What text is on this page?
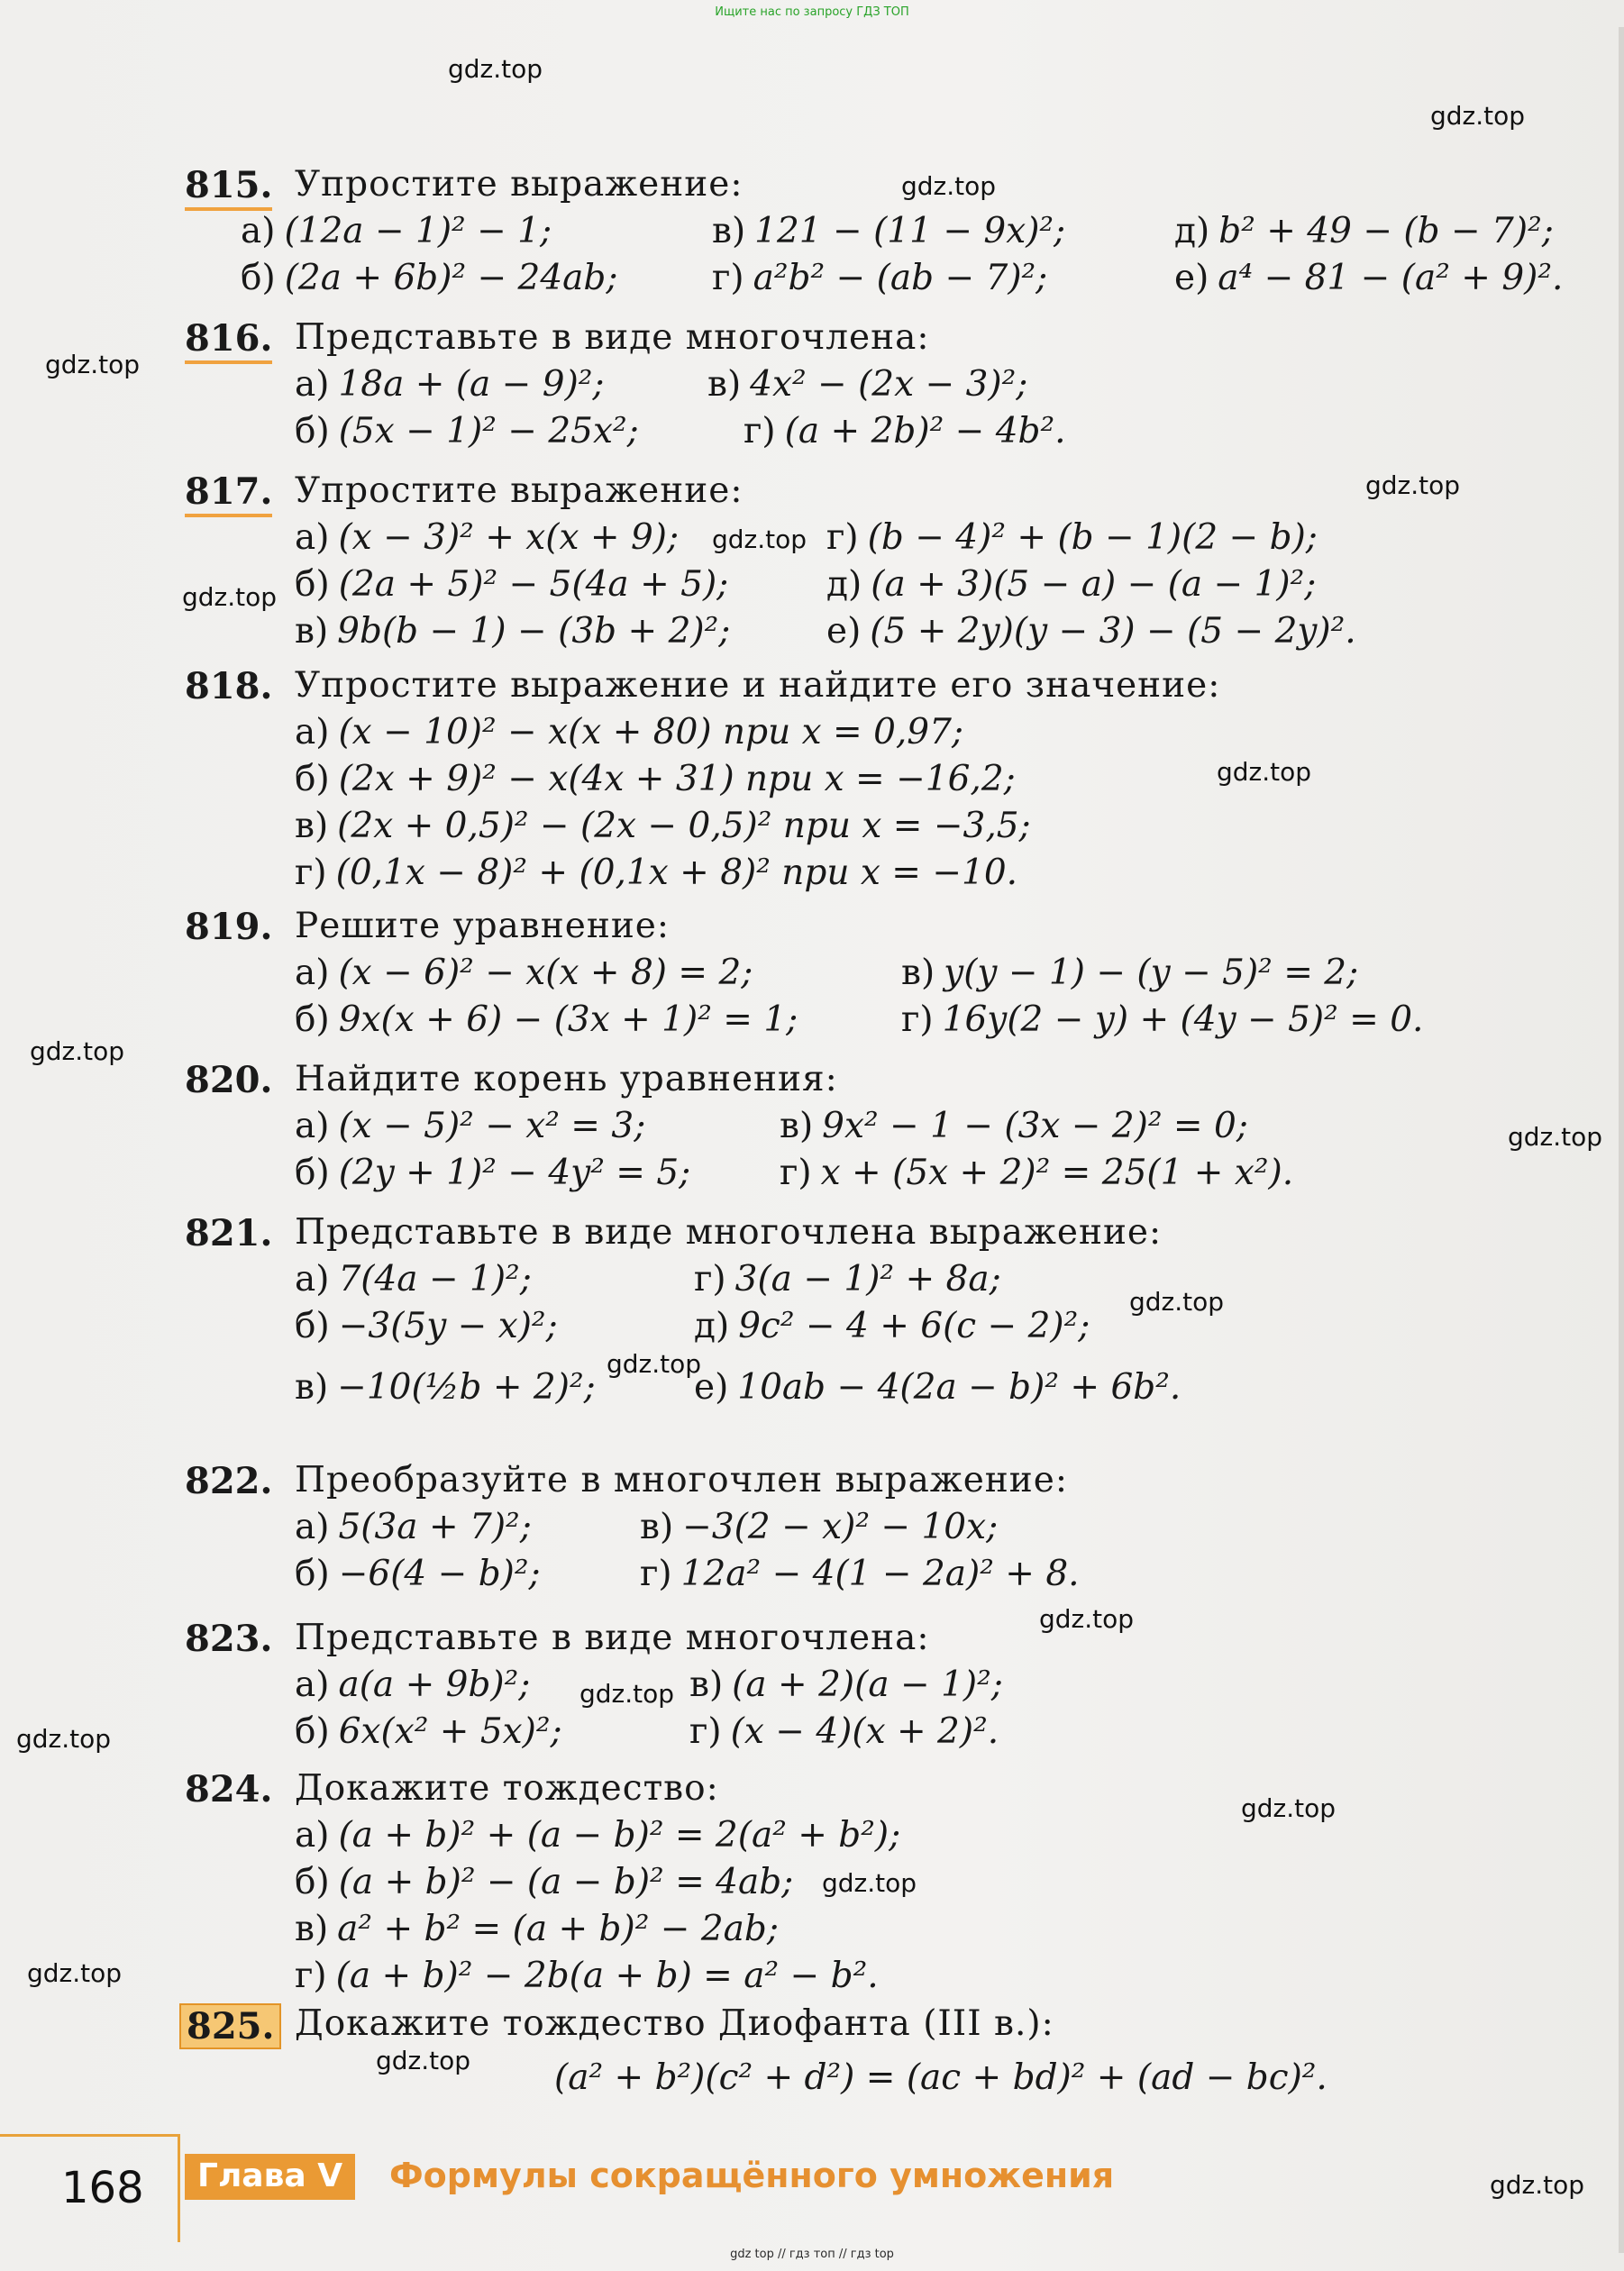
Ищите нас по запросу ГДЗ ТОП
gdz.top
gdz.top
gdz.top
gdz.top
gdz.top
gdz.top
gdz.top
gdz.top
gdz.top
gdz.top
gdz.top
gdz.top
gdz.top
gdz.top
gdz.top
gdz.top
gdz.top
gdz.top
gdz.top
gdz.top
815. Упростите выражение:
а) (12a − 1)² − 1;
б) (2a + 6b)² − 24ab;
в) 121 − (11 − 9x)²;
г) a²b² − (ab − 7)²;
д) b² + 49 − (b − 7)²;
е) a⁴ − 81 − (a² + 9)².
816. Представьте в виде многочлена:
а) 18a + (a − 9)²;
б) (5x − 1)² − 25x²;
в) 4x² − (2x − 3)²;
г) (a + 2b)² − 4b².
817. Упростите выражение:
а) (x − 3)² + x(x + 9);
б) (2a + 5)² − 5(4a + 5);
в) 9b(b − 1) − (3b + 2)²;
г) (b − 4)² + (b − 1)(2 − b);
д) (a + 3)(5 − a) − (a − 1)²;
е) (5 + 2y)(y − 3) − (5 − 2y)².
818. Упростите выражение и найдите его значение:
а) (x − 10)² − x(x + 80) при x = 0,97;
б) (2x + 9)² − x(4x + 31) при x = −16,2;
в) (2x + 0,5)² − (2x − 0,5)² при x = −3,5;
г) (0,1x − 8)² + (0,1x + 8)² при x = −10.
819. Решите уравнение:
а) (x − 6)² − x(x + 8) = 2;
б) 9x(x + 6) − (3x + 1)² = 1;
в) y(y − 1) − (y − 5)² = 2;
г) 16y(2 − y) + (4y − 5)² = 0.
820. Найдите корень уравнения:
а) (x − 5)² − x² = 3;
б) (2y + 1)² − 4y² = 5;
в) 9x² − 1 − (3x − 2)² = 0;
г) x + (5x + 2)² = 25(1 + x²).
821. Представьте в виде многочлена выражение:
а) 7(4a − 1)²;
б) −3(5y − x)²;
в) −10(½b + 2)²;
г) 3(a − 1)² + 8a;
д) 9c² − 4 + 6(c − 2)²;
е) 10ab − 4(2a − b)² + 6b².
822. Преобразуйте в многочлен выражение:
а) 5(3a + 7)²;
б) −6(4 − b)²;
в) −3(2 − x)² − 10x;
г) 12a² − 4(1 − 2a)² + 8.
823. Представьте в виде многочлена:
а) a(a + 9b)²;
б) 6x(x² + 5x)²;
в) (a + 2)(a − 1)²;
г) (x − 4)(x + 2)².
824. Докажите тождество:
а) (a + b)² + (a − b)² = 2(a² + b²);
б) (a + b)² − (a − b)² = 4ab;
в) a² + b² = (a + b)² − 2ab;
г) (a + b)² − 2b(a + b) = a² − b².
825. Докажите тождество Диофанта (III в.):
(a² + b²)(c² + d²) = (ac + bd)² + (ad − bc)².
168	Глава V	Формулы сокращённого умножения
gdz top // гдз топ // гдз top
